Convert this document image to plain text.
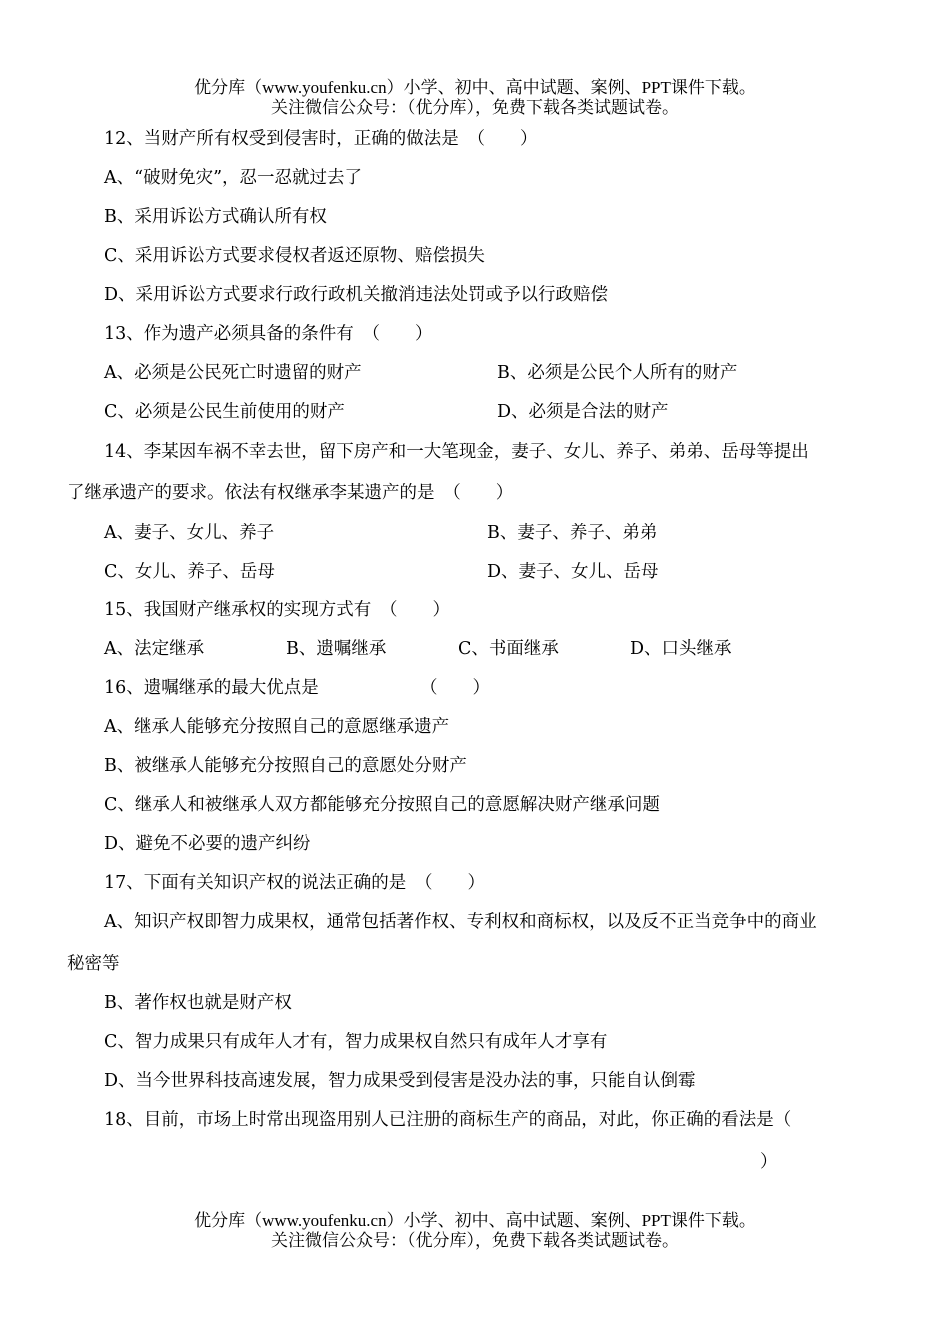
优分库（www.youfenku.cn）小学、初中、高中试题、案例、PPT课件下载。
关注微信公众号：（优分库），免费下载各类试题试卷。
12、当财产所有权受到侵害时，正确的做法是　（　　）
A、“破财免灾”，忍一忍就过去了
B、采用诉讼方式确认所有权
C、采用诉讼方式要求侵权者返还原物、赔偿损失
D、采用诉讼方式要求行政行政机关撤消违法处罚或予以行政赔偿
13、作为遗产必须具备的条件有　（　　）
A、必须是公民死亡时遗留的财产	B、必须是公民个人所有的财产
C、必须是公民生前使用的财产	D、必须是合法的财产
14、李某因车祸不幸去世，留下房产和一大笔现金，妻子、女儿、养子、弟弟、岳母等提出
了继承遗产的要求。依法有权继承李某遗产的是　（　　）
A、妻子、女儿、养子	B、妻子、养子、弟弟
C、女儿、养子、岳母	D、妻子、女儿、岳母
15、我国财产继承权的实现方式有　（　　）
A、法定继承	B、遗嘱继承	C、书面继承	D、口头继承
16、遗嘱继承的最大优点是	（　　）
A、继承人能够充分按照自己的意愿继承遗产
B、被继承人能够充分按照自己的意愿处分财产
C、继承人和被继承人双方都能够充分按照自己的意愿解决财产继承问题
D、避免不必要的遗产纠纷
17、下面有关知识产权的说法正确的是　（　　）
A、知识产权即智力成果权，通常包括著作权、专利权和商标权，以及反不正当竞争中的商业
秘密等
B、著作权也就是财产权
C、智力成果只有成年人才有，智力成果权自然只有成年人才享有
D、当今世界科技高速发展，智力成果受到侵害是没办法的事，只能自认倒霉
18、目前，市场上时常出现盗用别人已注册的商标生产的商品，对此，你正确的看法是（
）
优分库（www.youfenku.cn）小学、初中、高中试题、案例、PPT课件下载。
关注微信公众号：（优分库），免费下载各类试题试卷。
